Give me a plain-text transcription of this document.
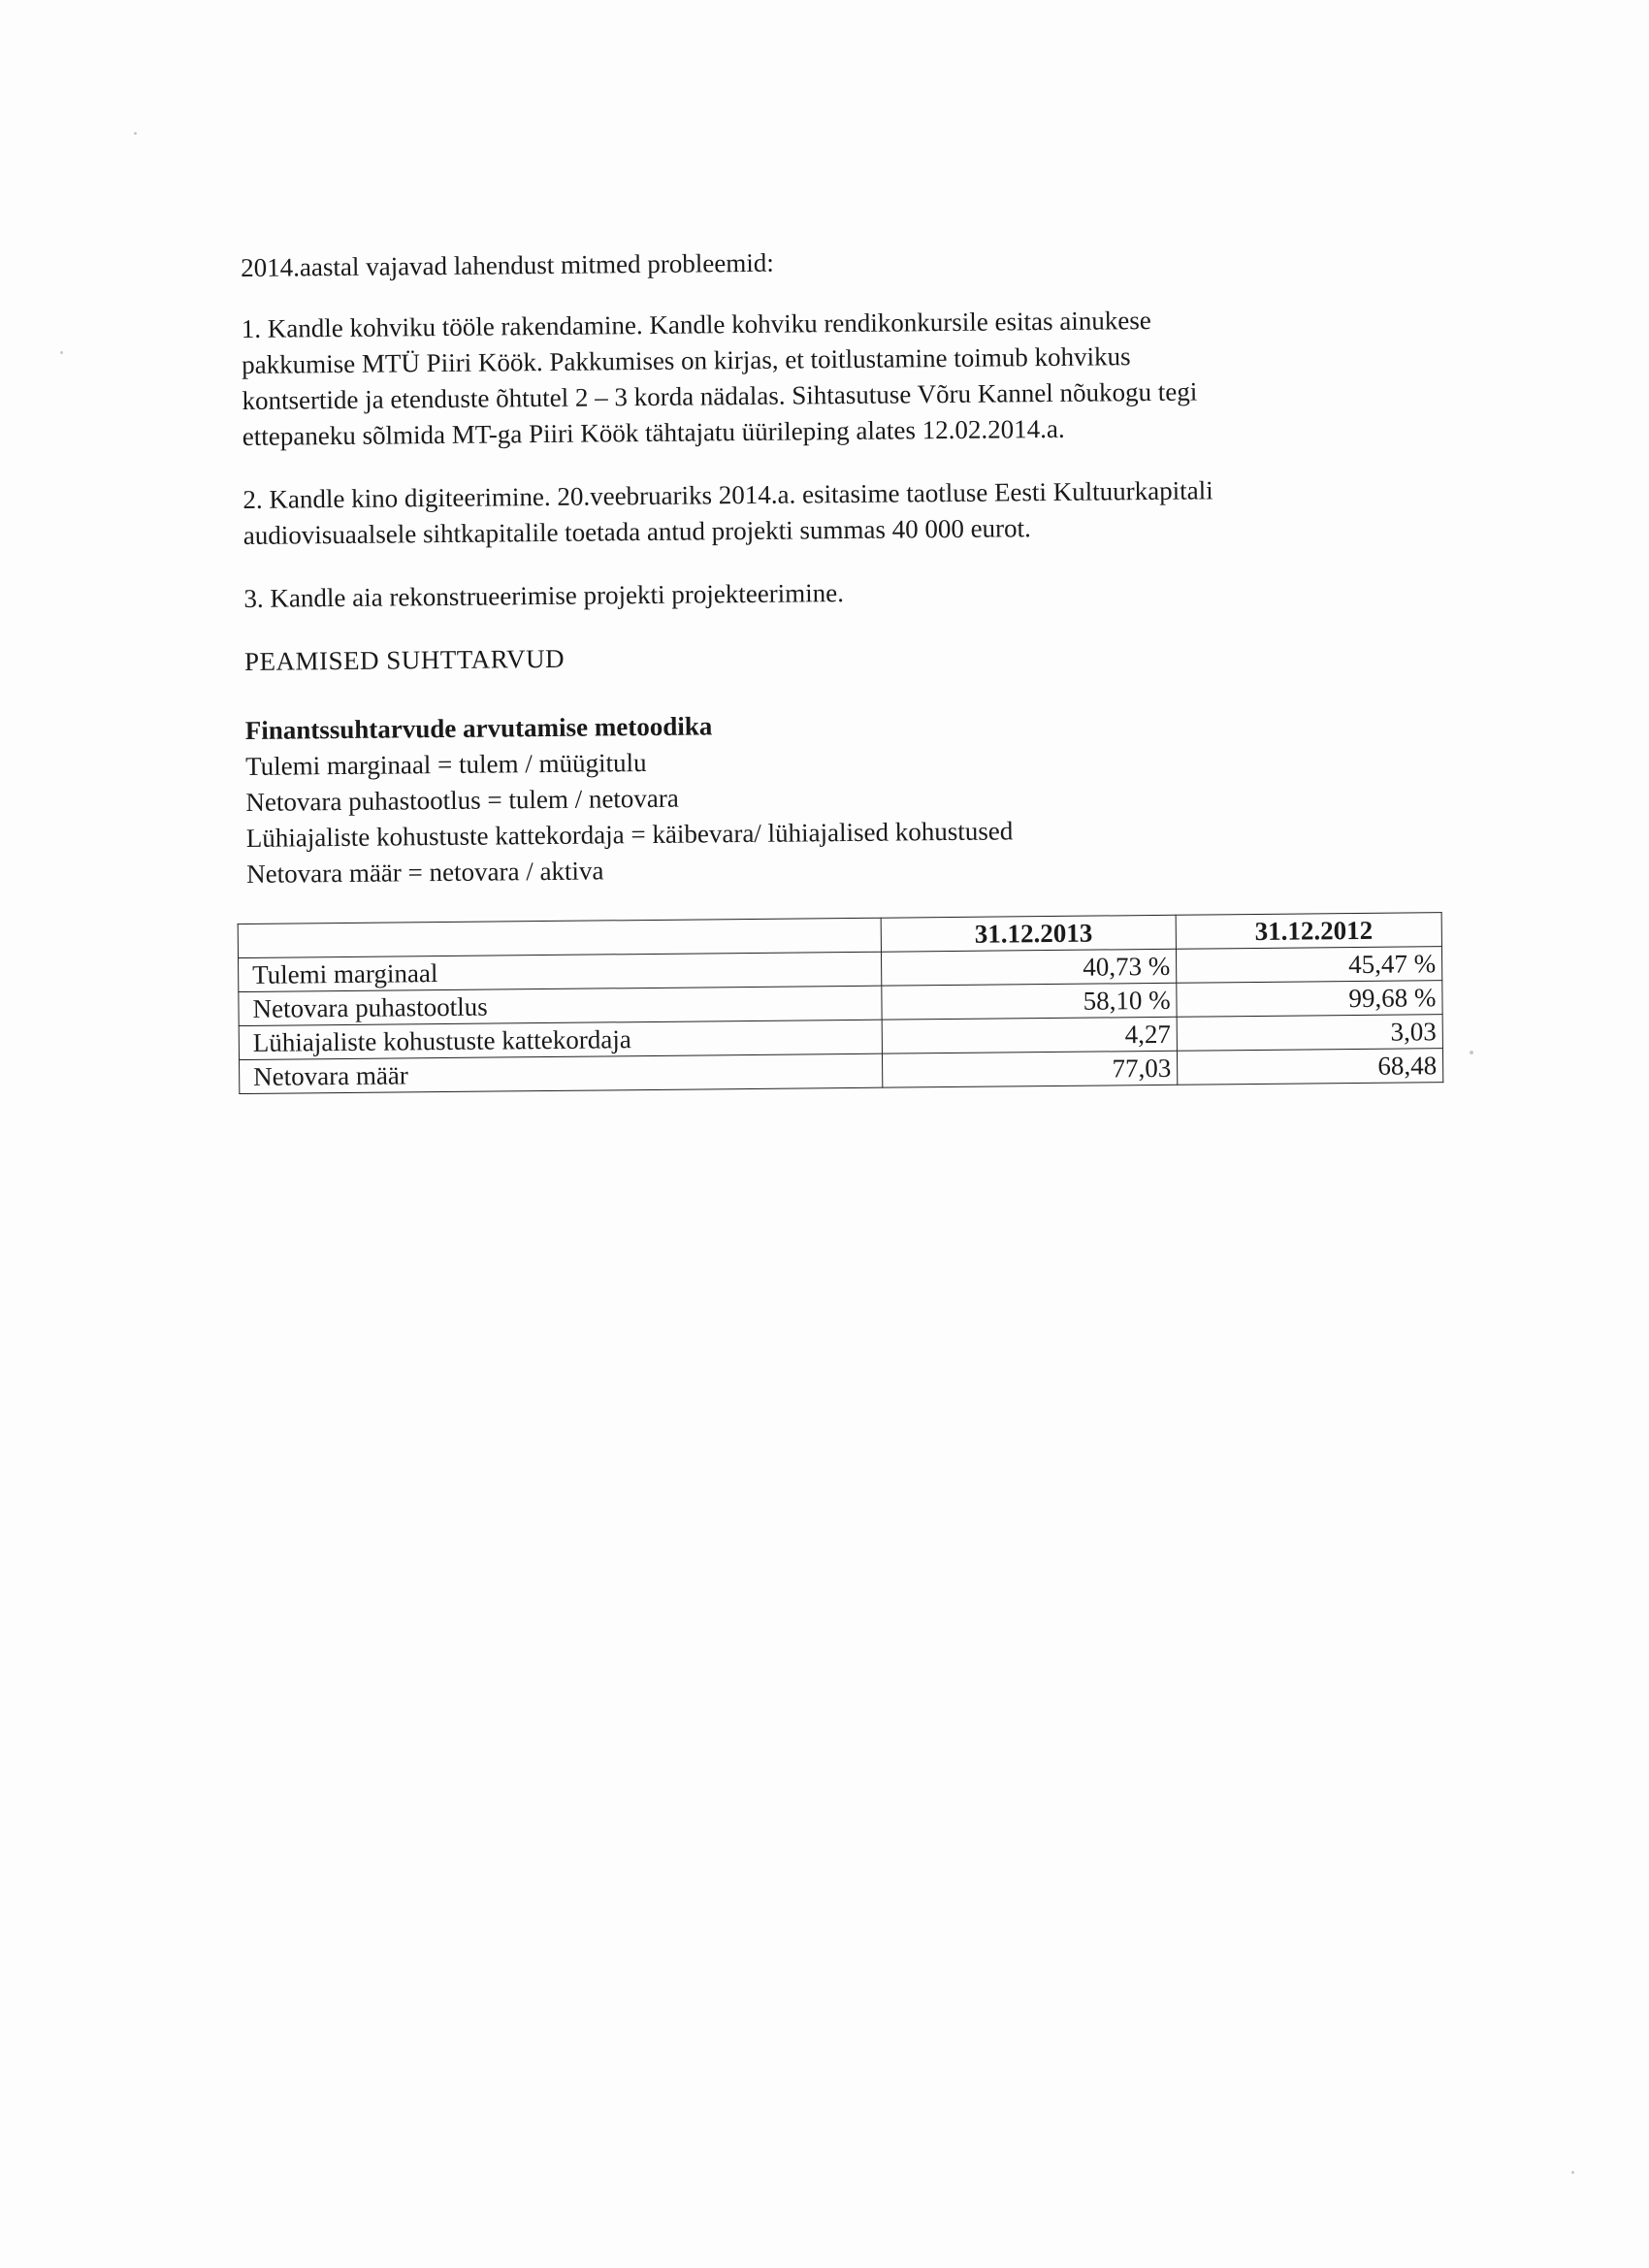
2014.aastal vajavad lahendust mitmed probleemid:

1. Kandle kohviku tööle rakendamine. Kandle kohviku rendikonkursile esitas ainukese
pakkumise MTÜ Piiri Köök. Pakkumises on kirjas, et toitlustamine toimub kohvikus
kontsertide ja etenduste õhtutel 2 – 3 korda nädalas. Sihtasutuse Võru Kannel nõukogu tegi
ettepaneku sõlmida MT-ga Piiri Köök tähtajatu üürileping alates 12.02.2014.a.
2. Kandle kino digiteerimine. 20.veebruariks 2014.a. esitasime taotluse Eesti Kultuurkapitali
audiovisuaalsele sihtkapitalile toetada antud projekti summas 40 000 eurot.
3. Kandle aia rekonstrueerimise projekti projekteerimine.

PEAMISED SUHTTARVUD

Finantssuhtarvude arvutamise metoodika

Tulemi marginaal = tulem / müügitulu

Netovara puhastootlus = tulem / netovara

Lühiajaliste kohustuste kattekordaja = käibevara/ lühiajalised kohustused

Netovara määr = netovara / aktiva

	31.12.2013	31.12.2012
Tulemi marginaal	40,73 %	45,47 %
Netovara puhastootlus	58,10 %	99,68 %
Lühiajaliste kohustuste kattekordaja	4,27	3,03
Netovara määr	77,03	68,48
